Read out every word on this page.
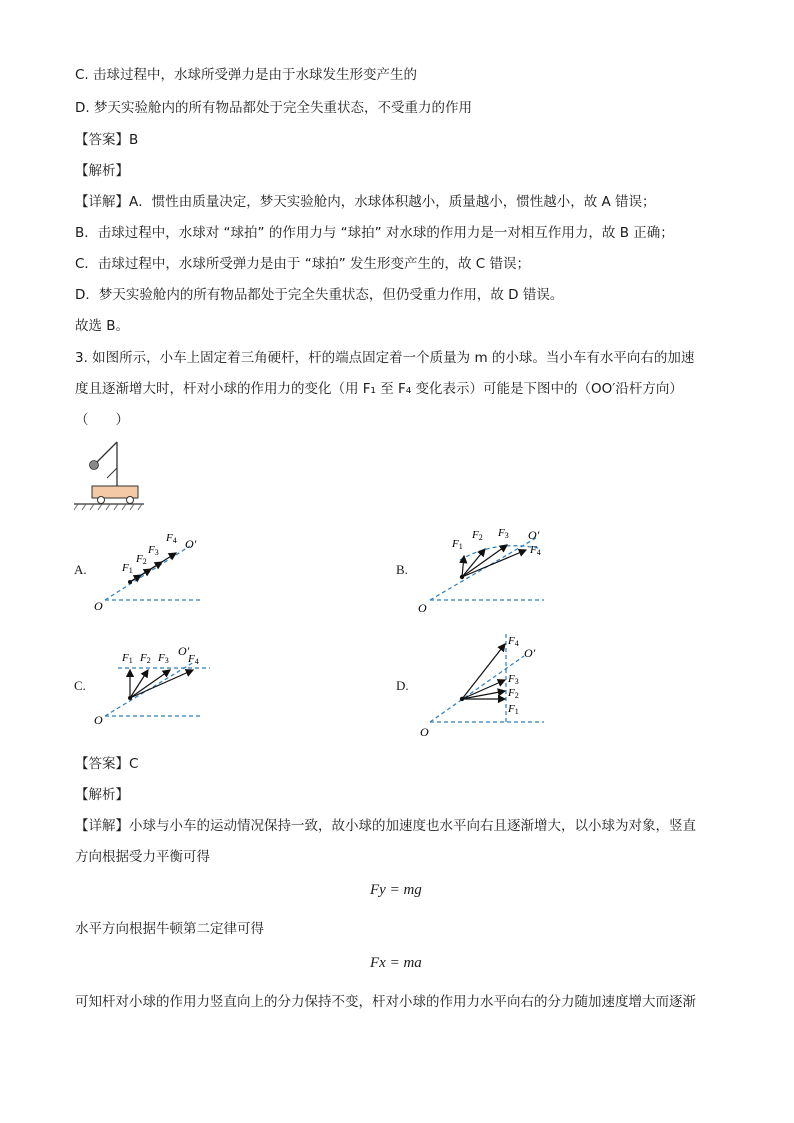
C. 击球过程中，水球所受弹力是由于水球发生形变产生的
D. 梦天实验舱内的所有物品都处于完全失重状态，不受重力的作用
【答案】B
【解析】
【详解】A．惯性由质量决定，梦天实验舱内，水球体积越小，质量越小，惯性越小，故 A 错误；
B．击球过程中，水球对 “球拍” 的作用力与 “球拍” 对水球的作用力是一对相互作用力，故 B 正确；
C．击球过程中，水球所受弹力是由于 “球拍” 发生形变产生的，故 C 错误；
D．梦天实验舱内的所有物品都处于完全失重状态，但仍受重力作用，故 D 错误。
故选 B。
3. 如图所示，小车上固定着三角硬杆，杆的端点固定着一个质量为 m 的小球。当小车有水平向右的加速
度且逐渐增大时，杆对小球的作用力的变化（用 F₁ 至 F₄ 变化表示）可能是下图中的（OO′沿杆方向）
（　　）
A.
O
O′
F1
F2
F3
F4
B.
O
O′
F1
F2 F3
F4
C.
O
O′
F1 F2 F3 F4
D.
O
O′
F1
F2
F3
F4
【答案】C
【解析】
【详解】小球与小车的运动情况保持一致，故小球的加速度也水平向右且逐渐增大，以小球为对象，竖直
方向根据受力平衡可得
Fy = mg
水平方向根据牛顿第二定律可得
Fx = ma
可知杆对小球的作用力竖直向上的分力保持不变，杆对小球的作用力水平向右的分力随加速度增大而逐渐
